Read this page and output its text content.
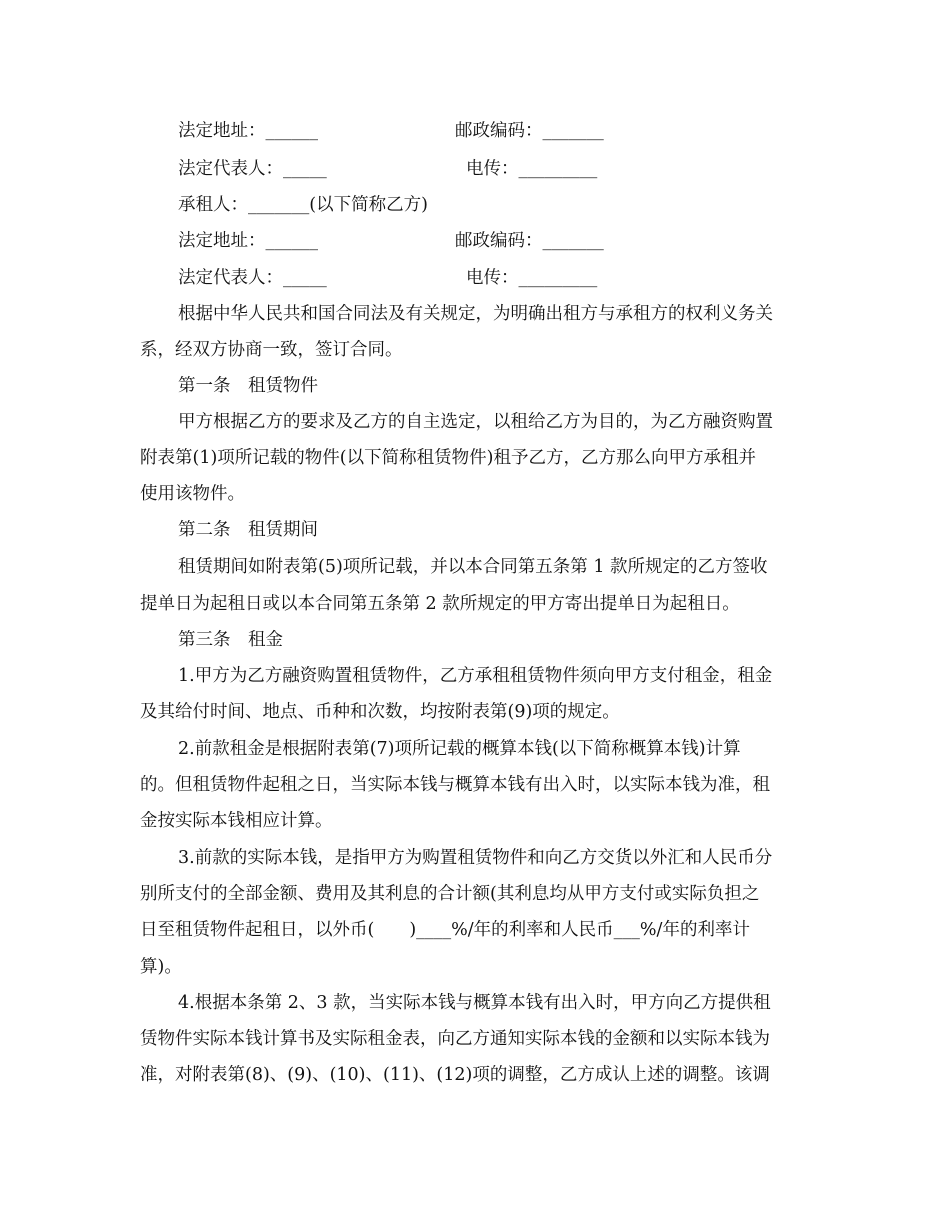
法定地址：______	邮政编码：_______
法定代表人：_____	电传：_________
承租人：_______(以下简称乙方)
法定地址：______	邮政编码：_______
法定代表人：_____	电传：_________
根据中华人民共和国合同法及有关规定，为明确出租方与承租方的权利义务关
系，经双方协商一致，签订合同。
第一条　租赁物件
甲方根据乙方的要求及乙方的自主选定，以租给乙方为目的，为乙方融资购置
附表第(1)项所记载的物件(以下简称租赁物件)租予乙方，乙方那么向甲方承租并
使用该物件。
第二条　租赁期间
租赁期间如附表第(5)项所记载，并以本合同第五条第 1 款所规定的乙方签收
提单日为起租日或以本合同第五条第 2 款所规定的甲方寄出提单日为起租日。
第三条　租金
1.甲方为乙方融资购置租赁物件，乙方承租租赁物件须向甲方支付租金，租金
及其给付时间、地点、币种和次数，均按附表第(9)项的规定。
2.前款租金是根据附表第(7)项所记载的概算本钱(以下简称概算本钱)计算
的。但租赁物件起租之日，当实际本钱与概算本钱有出入时，以实际本钱为准，租
金按实际本钱相应计算。
3.前款的实际本钱，是指甲方为购置租赁物件和向乙方交货以外汇和人民币分
别所支付的全部金额、费用及其利息的合计额(其利息均从甲方支付或实际负担之
日至租赁物件起租日，以外币(　　)____%/年的利率和人民币___%/年的利率计
算)。
4.根据本条第 2、3 款，当实际本钱与概算本钱有出入时，甲方向乙方提供租
赁物件实际本钱计算书及实际租金表，向乙方通知实际本钱的金额和以实际本钱为
准，对附表第(8)、(9)、(10)、(11)、(12)项的调整，乙方成认上述的调整。该调
